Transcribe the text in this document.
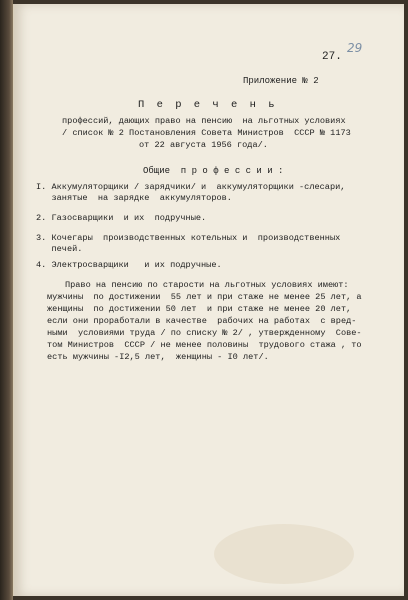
27.
29
Приложение № 2
П е р е ч е н ь
профессий, дающих право на пенсию  на льготных условиях
/ список № 2 Постановления Совета Министров  СССР № 1173
от 22 августа 1956 года/.
Общие  п р о ф е с с и и :
I. Аккумуляторщики / зарядчики/ и  аккумуляторщики -слесари,
занятые  на зарядке  аккумуляторов.
2. Газосварщики  и их  подручные.
3. Кочегары  производственных котельных и  производственных
печей.
4. Электросварщики   и их подручные.
Право на пенсию по старости на льготных условиях имеют:
мужчины  по достижении  55 лет и при стаже не менее 25 лет, а
женщины  по достижении 50 лет  и при стаже не менее 20 лет,
если они проработали в качестве  рабочих на работах  с вред-
ными  условиями труда / по списку № 2/ , утвержденному  Сове-
том Министров  СССР / не менее половины  трудового стажа , то
есть мужчины -I2,5 лет,  женщины - I0 лет/.
